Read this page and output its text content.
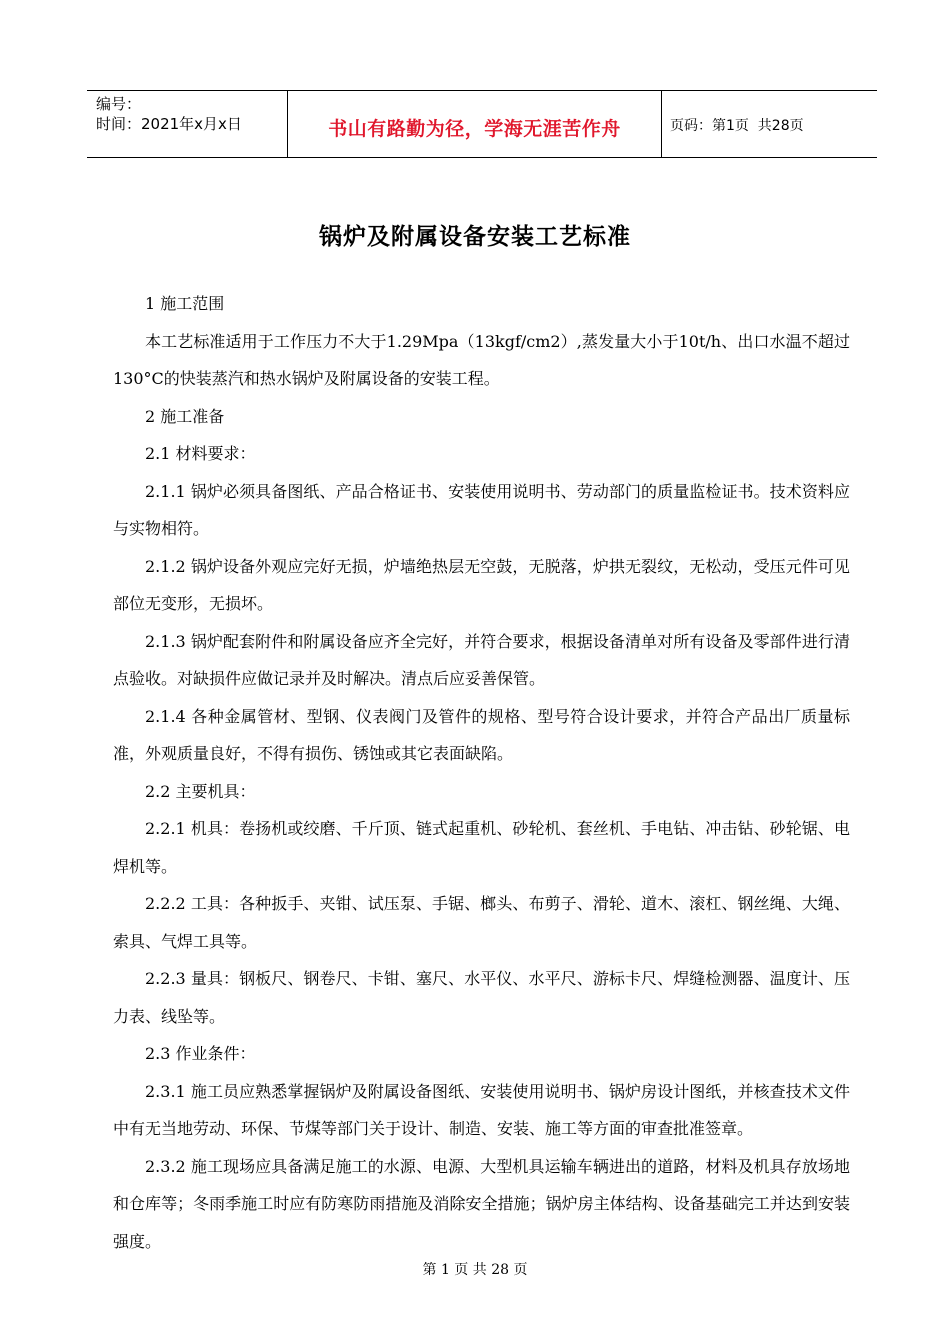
编号：
时间：2021年x月x日	书山有路勤为径，学海无涯苦作舟	页码：第1页  共28页
锅炉及附属设备安装工艺标准

1 施工范围

本工艺标准适用于工作压力不大于1.29Mpa（13kgf/cm2）,蒸发量大小于10t/h、出口水温不超过130°C的快装蒸汽和热水锅炉及附属设备的安装工程。

2 施工准备

2.1 材料要求：

2.1.1 锅炉必须具备图纸、产品合格证书、安装使用说明书、劳动部门的质量监检证书。技术资料应与实物相符。

2.1.2 锅炉设备外观应完好无损，炉墙绝热层无空鼓，无脱落，炉拱无裂纹，无松动，受压元件可见部位无变形，无损坏。

2.1.3 锅炉配套附件和附属设备应齐全完好，并符合要求，根据设备清单对所有设备及零部件进行清点验收。对缺损件应做记录并及时解决。清点后应妥善保管。

2.1.4 各种金属管材、型钢、仪表阀门及管件的规格、型号符合设计要求，并符合产品出厂质量标准，外观质量良好，不得有损伤、锈蚀或其它表面缺陷。

2.2 主要机具：

2.2.1 机具：卷扬机或绞磨、千斤顶、链式起重机、砂轮机、套丝机、手电钻、冲击钻、砂轮锯、电焊机等。

2.2.2 工具：各种扳手、夹钳、试压泵、手锯、榔头、布剪子、滑轮、道木、滚杠、钢丝绳、大绳、索具、气焊工具等。

2.2.3 量具：钢板尺、钢卷尺、卡钳、塞尺、水平仪、水平尺、游标卡尺、焊缝检测器、温度计、压力表、线坠等。

2.3 作业条件：

2.3.1 施工员应熟悉掌握锅炉及附属设备图纸、安装使用说明书、锅炉房设计图纸，并核查技术文件中有无当地劳动、环保、节煤等部门关于设计、制造、安装、施工等方面的审查批准签章。

2.3.2 施工现场应具备满足施工的水源、电源、大型机具运输车辆进出的道路，材料及机具存放场地和仓库等；冬雨季施工时应有防寒防雨措施及消除安全措施；锅炉房主体结构、设备基础完工并达到安装强度。

第 1 页 共 28 页
